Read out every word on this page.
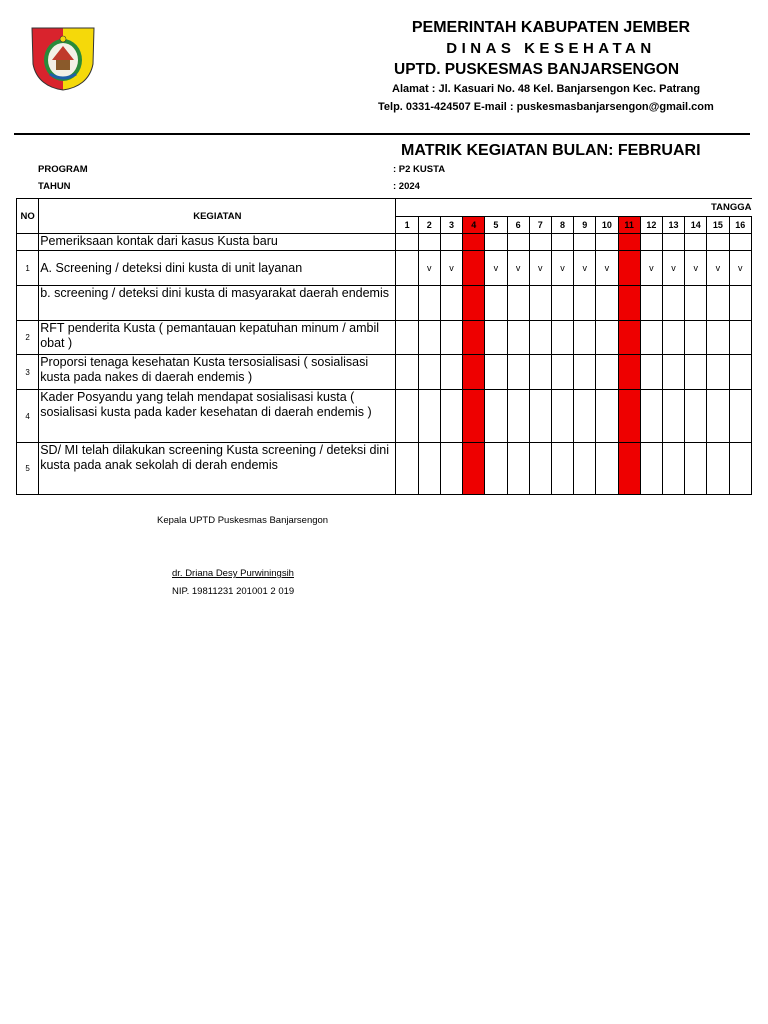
PEMERINTAH KABUPATEN JEMBER
DINAS KESEHATAN
UPTD. PUSKESMAS BANJARSENGON
Alamat : Jl. Kasuari No. 48 Kel. Banjarsengon Kec. Patrang
Telp. 0331-424507 E-mail : puskesmasbanjarsengon@gmail.com
MATRIK KEGIATAN BULAN: FEBRUARI
PROGRAM	: P2 KUSTA
TAHUN	: 2024
NO	KEGIATAN	TANGGA															
		1	2	3	4	5	6	7	8	9	10	11	12	13	14	15	16
	Pemeriksaan kontak dari kasus Kusta baru																
1	A. Screening / deteksi dini kusta di unit layanan		v	v		v	v	v	v	v	v		v	v	v	v	v
	b. screening / deteksi dini kusta di masyarakat daerah endemis																
2	RFT penderita Kusta ( pemantauan kepatuhan minum / ambil obat )																
3	Proporsi tenaga kesehatan Kusta tersosialisasi ( sosialisasi kusta pada nakes di daerah endemis )																
4	Kader Posyandu yang telah mendapat sosialisasi kusta ( sosialisasi kusta pada kader kesehatan di daerah endemis )																
5	SD/ MI telah dilakukan screening Kusta screening / deteksi dini kusta pada anak sekolah di derah endemis																
Kepala UPTD Puskesmas Banjarsengon
dr. Driana Desy Purwiningsih
NIP. 19811231 201001 2 019
